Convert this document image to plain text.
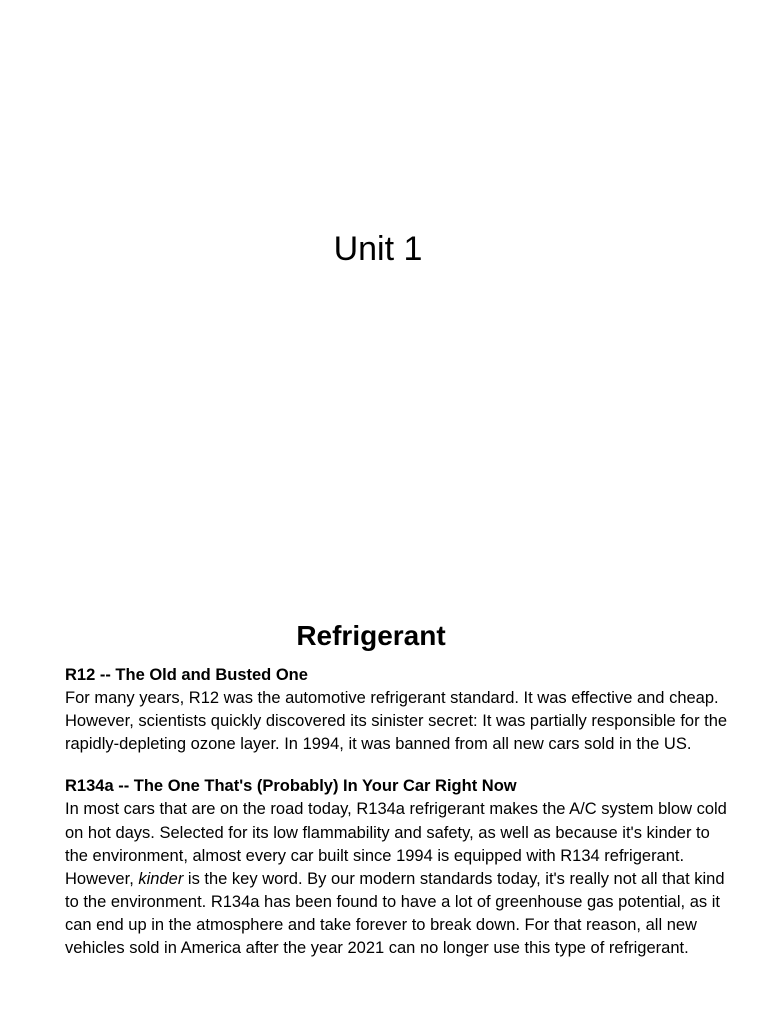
Unit 1
Refrigerant

R12 -- The Old and Busted One

For many years, R12 was the automotive refrigerant standard. It was effective and cheap. However, scientists quickly discovered its sinister secret: It was partially responsible for the rapidly-depleting ozone layer. In 1994, it was banned from all new cars sold in the US.

R134a -- The One That's (Probably) In Your Car Right Now

In most cars that are on the road today, R134a refrigerant makes the A/C system blow cold on hot days. Selected for its low flammability and safety, as well as because it's kinder to the environment, almost every car built since 1994 is equipped with R134 refrigerant.

However, kinder is the key word. By our modern standards today, it's really not all that kind to the environment. R134a has been found to have a lot of greenhouse gas potential, as it can end up in the atmosphere and take forever to break down. For that reason, all new vehicles sold in America after the year 2021 can no longer use this type of refrigerant.
